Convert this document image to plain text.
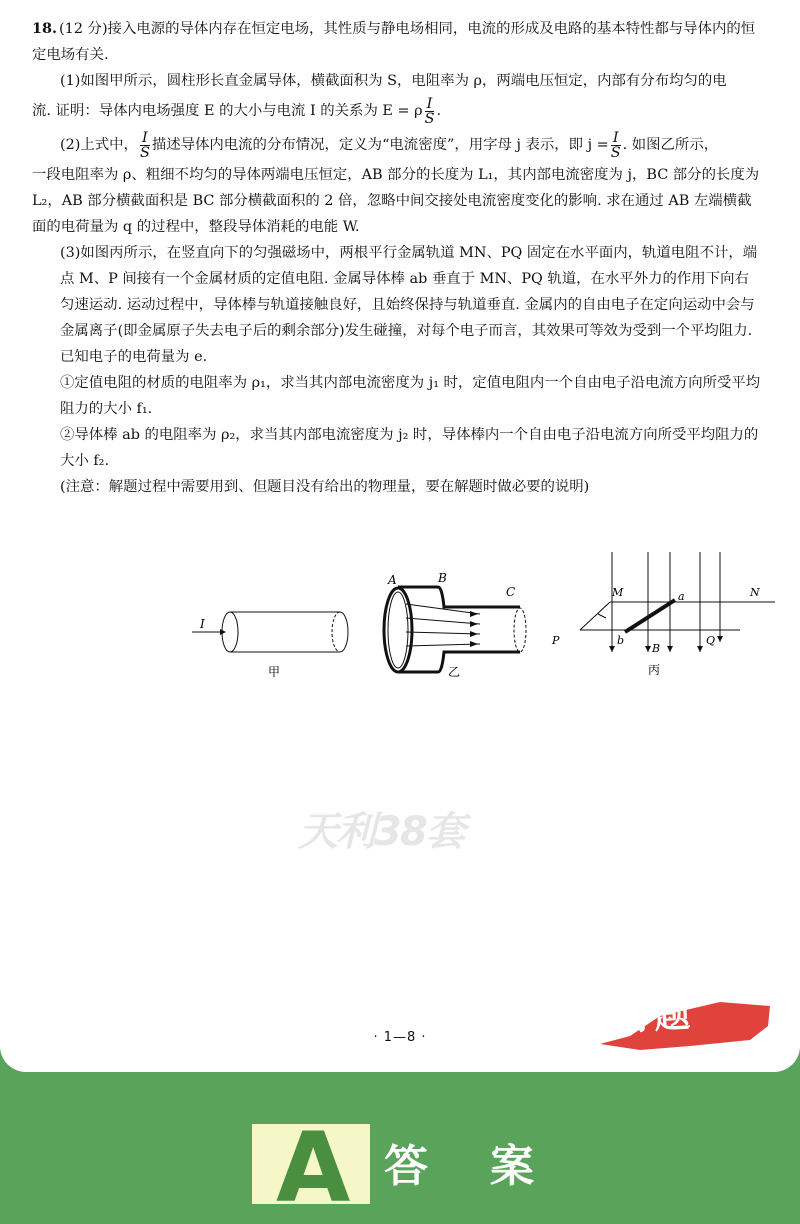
18. (12 分)接入电源的导体内存在恒定电场，其性质与静电场相同，电流的形成及电路的基本特性都与导体内的恒定电场有关.

(1)如图甲所示，圆柱形长直金属导体，横截面积为 S，电阻率为 ρ，两端电压恒定，内部有分布均匀的电

流. 证明：导体内电场强度 E 的大小与电流 I 的关系为 E = ρ $\frac{I}{S}$ .

(2)上式中， $\frac{I}{S}$ 描述导体内电流的分布情况，定义为“电流密度”，用字母 j 表示，即 $j = \frac{I}{S}$ . 如图乙所示，

一段电阻率为 ρ、粗细不均匀的导体两端电压恒定，AB 部分的长度为 L₁，其内部电流密度为 j，BC 部分的长度为 L₂，AB 部分横截面积是 BC 部分横截面积的 2 倍，忽略中间交接处电流密度变化的影响. 求在通过 AB 左端横截面的电荷量为 q 的过程中，整段导体消耗的电能 W.

(3)如图丙所示，在竖直向下的匀强磁场中，两根平行金属轨道 MN、PQ 固定在水平面内，轨道电阻不计，端点 M、P 间接有一个金属材质的定值电阻. 金属导体棒 ab 垂直于 MN、PQ 轨道，在水平外力的作用下向右匀速运动. 运动过程中，导体棒与轨道接触良好，且始终保持与轨道垂直. 金属内的自由电子在定向运动中会与金属离子(即金属原子失去电子后的剩余部分)发生碰撞，对每个电子而言，其效果可等效为受到一个平均阻力. 已知电子的电荷量为 e.

①定值电阻的材质的电阻率为 ρ₁，求当其内部电流密度为 j₁ 时，定值电阻内一个自由电子沿电流方向所受平均阻力的大小 f₁.

②导体棒 ab 的电阻率为 ρ₂，求当其内部电流密度为 j₂ 时，导体棒内一个自由电子沿电流方向所受平均阻力的大小 f₂.

(注意：解题过程中需要用到、但题目没有给出的物理量，要在解题时做必要的说明)

I
甲
A	B
C
乙
M	N
P	Q
a
b
B
丙
天利38套
· 1—8 ·	好题
A 答案
